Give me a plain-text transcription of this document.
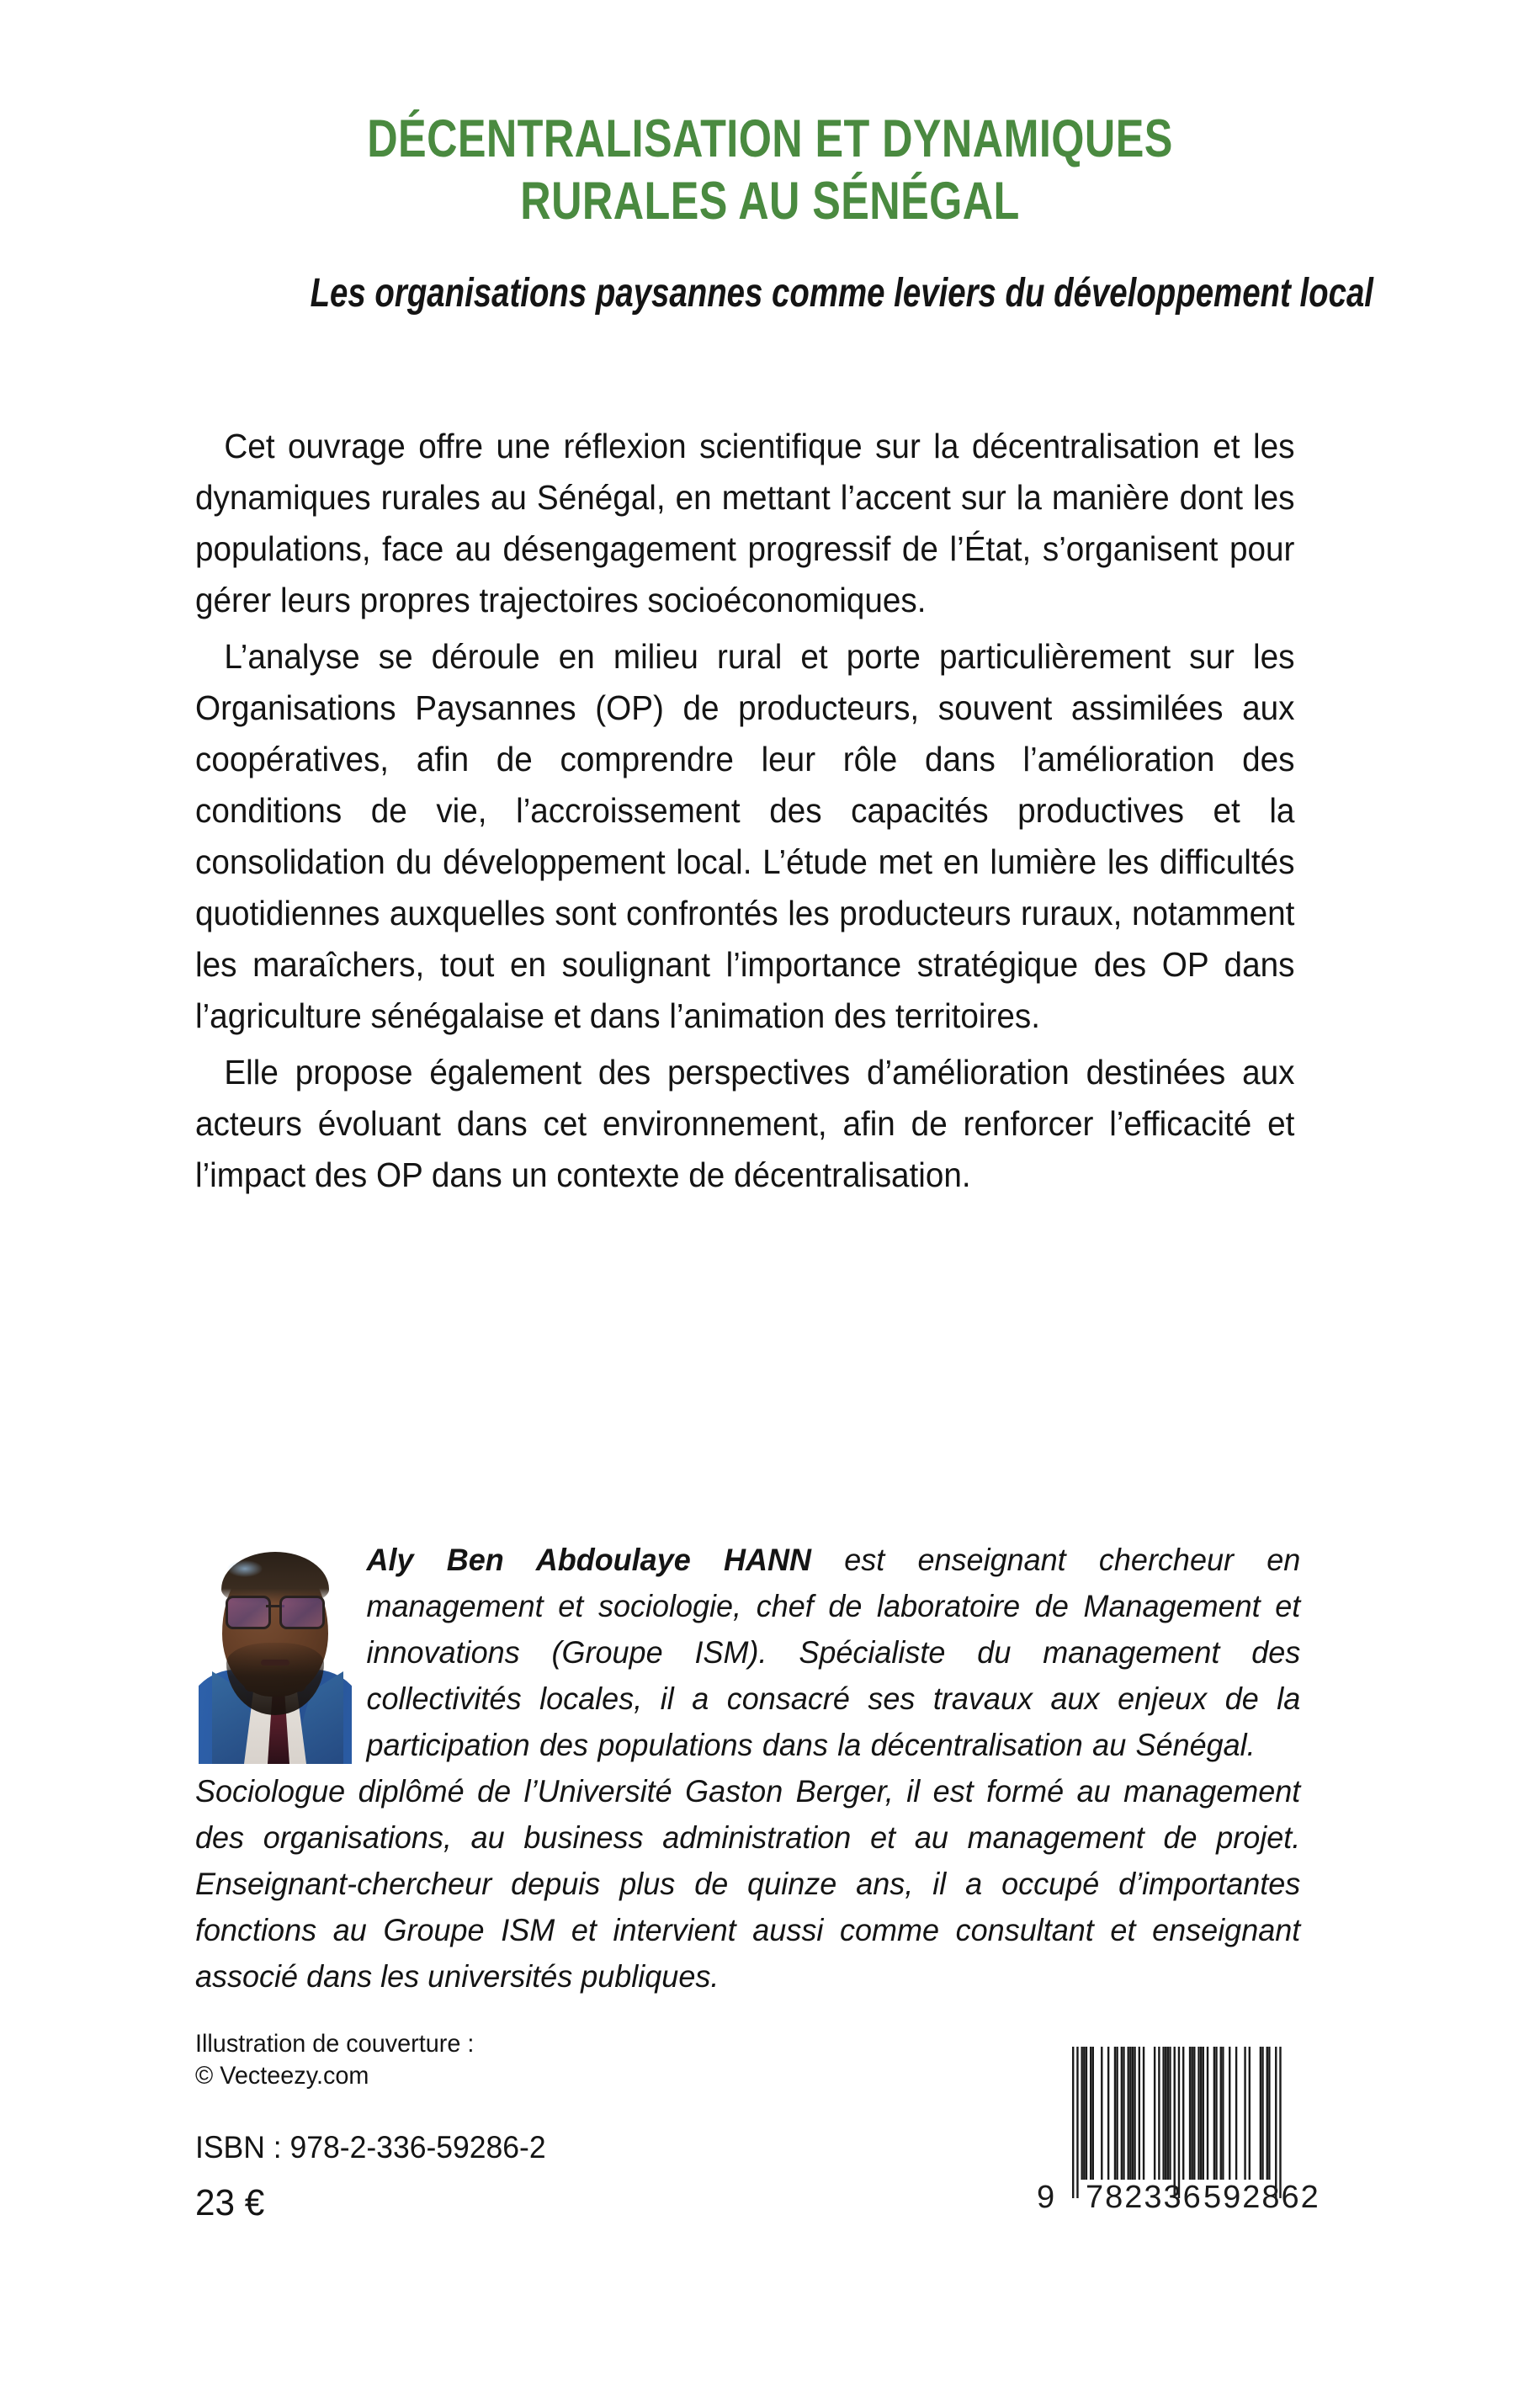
DÉCENTRALISATION ET DYNAMIQUES
RURALES AU SÉNÉGAL
Les organisations paysannes comme leviers du développement local

Cet ouvrage offre une réflexion scientifique sur la décentralisation et les dynamiques rurales au Sénégal, en mettant l’accent sur la manière dont les populations, face au désengagement progressif de l’État, s’organisent pour gérer leurs propres trajectoires socioéconomiques.

L’analyse se déroule en milieu rural et porte particulièrement sur les Organisations Paysannes (OP) de producteurs, souvent assimilées aux coopératives, afin de comprendre leur rôle dans l’amélioration des conditions de vie, l’accroissement des capacités productives et la consolidation du développement local. L’étude met en lumière les difficultés quotidiennes auxquelles sont confrontés les producteurs ruraux, notamment les maraîchers, tout en soulignant l’importance stratégique des OP dans l’agriculture sénégalaise et dans l’animation des territoires.

Elle propose également des perspectives d’amélioration destinées aux acteurs évoluant dans cet environnement, afin de renforcer l’efficacité et l’impact des OP dans un contexte de décentralisation.

Aly Ben Abdoulaye HANN est enseignant chercheur en management et sociologie, chef de laboratoire de Management et innovations (Groupe ISM). Spécialiste du management des collectivités locales, il a consacré ses travaux aux enjeux de la participation des populations dans la décentralisation au Sénégal. Sociologue diplômé de l’Université Gaston Berger, il est formé au management des organisations, au business administration et au management de projet. Enseignant-chercheur depuis plus de quinze ans, il a occupé d’importantes fonctions au Groupe ISM et intervient aussi comme consultant et enseignant associé dans les universités publiques.
Illustration de couverture :
© Vecteezy.com
ISBN : 978-2-336-59286-2
23 €	9 782336 592862
